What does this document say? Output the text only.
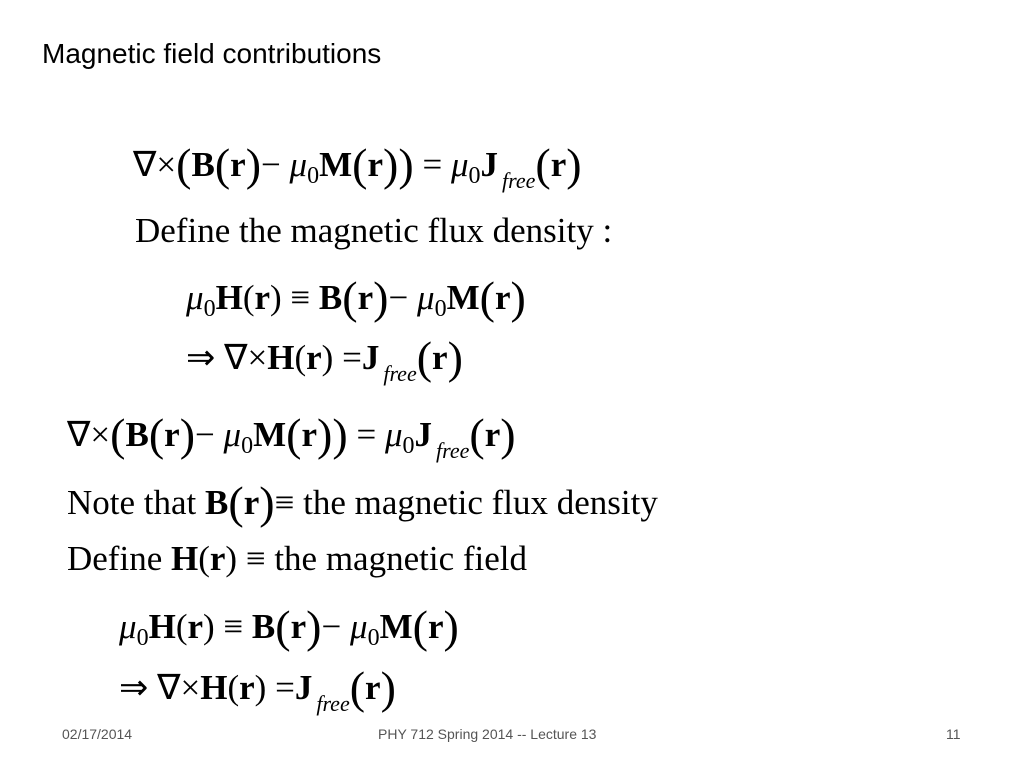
Magnetic field contributions
$\nabla\times(B(r)- \mu_0M(r)) = \mu_0J$ $_{free}$(r)
Define the magnetic flux density :
$\mu_0H(r) \equiv B(r)- \mu_0M(r)$
⇒ ∇×H(r) =J $_{free}$(r)
$\nabla\times(B(r)- \mu_0M(r)) = \mu_0J$ $_{free}$(r)
Note that B(r)≡ the magnetic flux density
Define H(r) ≡ the magnetic field
$\mu_0H(r) \equiv B(r)- \mu_0M(r)$
⇒ ∇×H(r) =J $_{free}$(r)
02/17/2014	PHY 712 Spring 2014 -- Lecture 13	11
